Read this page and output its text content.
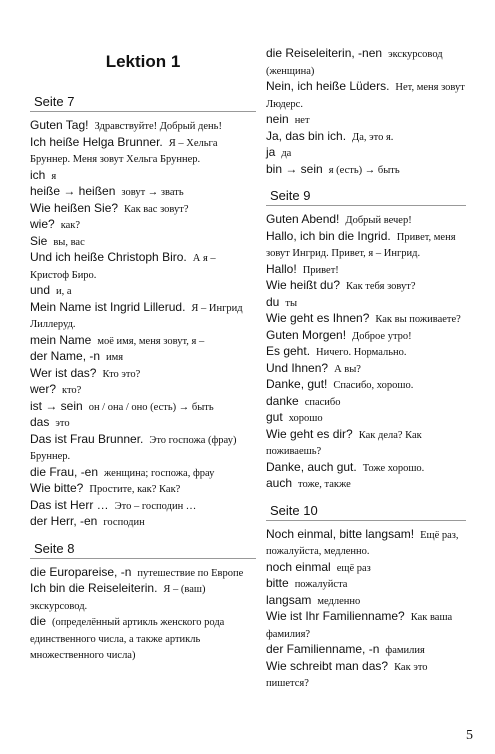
Lektion 1
Seite 7

Guten Tag! Здравствуйте! Добрый день!

Ich heiße Helga Brunner. Я – Хельга Бруннер. Меня зовут Хельга Бруннер.

ich я

heiße → heißen зовут → звать

Wie heißen Sie? Как вас зовут?

wie? как?

Sie вы, вас

Und ich heiße Christoph Biro. А я – Кристоф Биро.

und и, а

Mein Name ist Ingrid Lillerud. Я – Ингрид Лиллеруд.

mein Name моё имя, меня зовут, я –

der Name, -n имя

Wer ist das? Кто это?

wer? кто?

ist → sein он / она / оно (есть) → быть

das это

Das ist Frau Brunner. Это госпожа (фрау) Бруннер.

die Frau, -en женщина; госпожа, фрау

Wie bitte? Простите, как? Как?

Das ist Herr … Это – господин …

der Herr, -en господин

Seite 8

die Europareise, -n путешествие по Европе

Ich bin die Reiseleiterin. Я – (ваш) экскурсовод.

die (определённый артикль женского рода единственного числа, а также артикль множественного числа)

die Reiseleiterin, -nen экскурсовод (женщина)

Nein, ich heiße Lüders. Нет, меня зовут Людерс.

nein нет

Ja, das bin ich. Да, это я.

ja да

bin → sein я (есть) → быть

Seite 9

Guten Abend! Добрый вечер!

Hallo, ich bin die Ingrid. Привет, меня зовут Ингрид. Привет, я – Ингрид.

Hallo! Привет!

Wie heißt du? Как тебя зовут?

du ты

Wie geht es Ihnen? Как вы поживаете?

Guten Morgen! Доброе утро!

Es geht. Ничего. Нормально.

Und Ihnen? А вы?

Danke, gut! Спасибо, хорошо.

danke спасибо

gut хорошо

Wie geht es dir? Как дела? Как поживаешь?

Danke, auch gut. Тоже хорошо.

auch тоже, также

Seite 10

Noch einmal, bitte langsam! Ещё раз, пожалуйста, медленно.

noch einmal ещё раз

bitte пожалуйста

langsam медленно

Wie ist Ihr Familienname? Как ваша фамилия?

der Familienname, -n фамилия

Wie schreibt man das? Как это пишется?

5
